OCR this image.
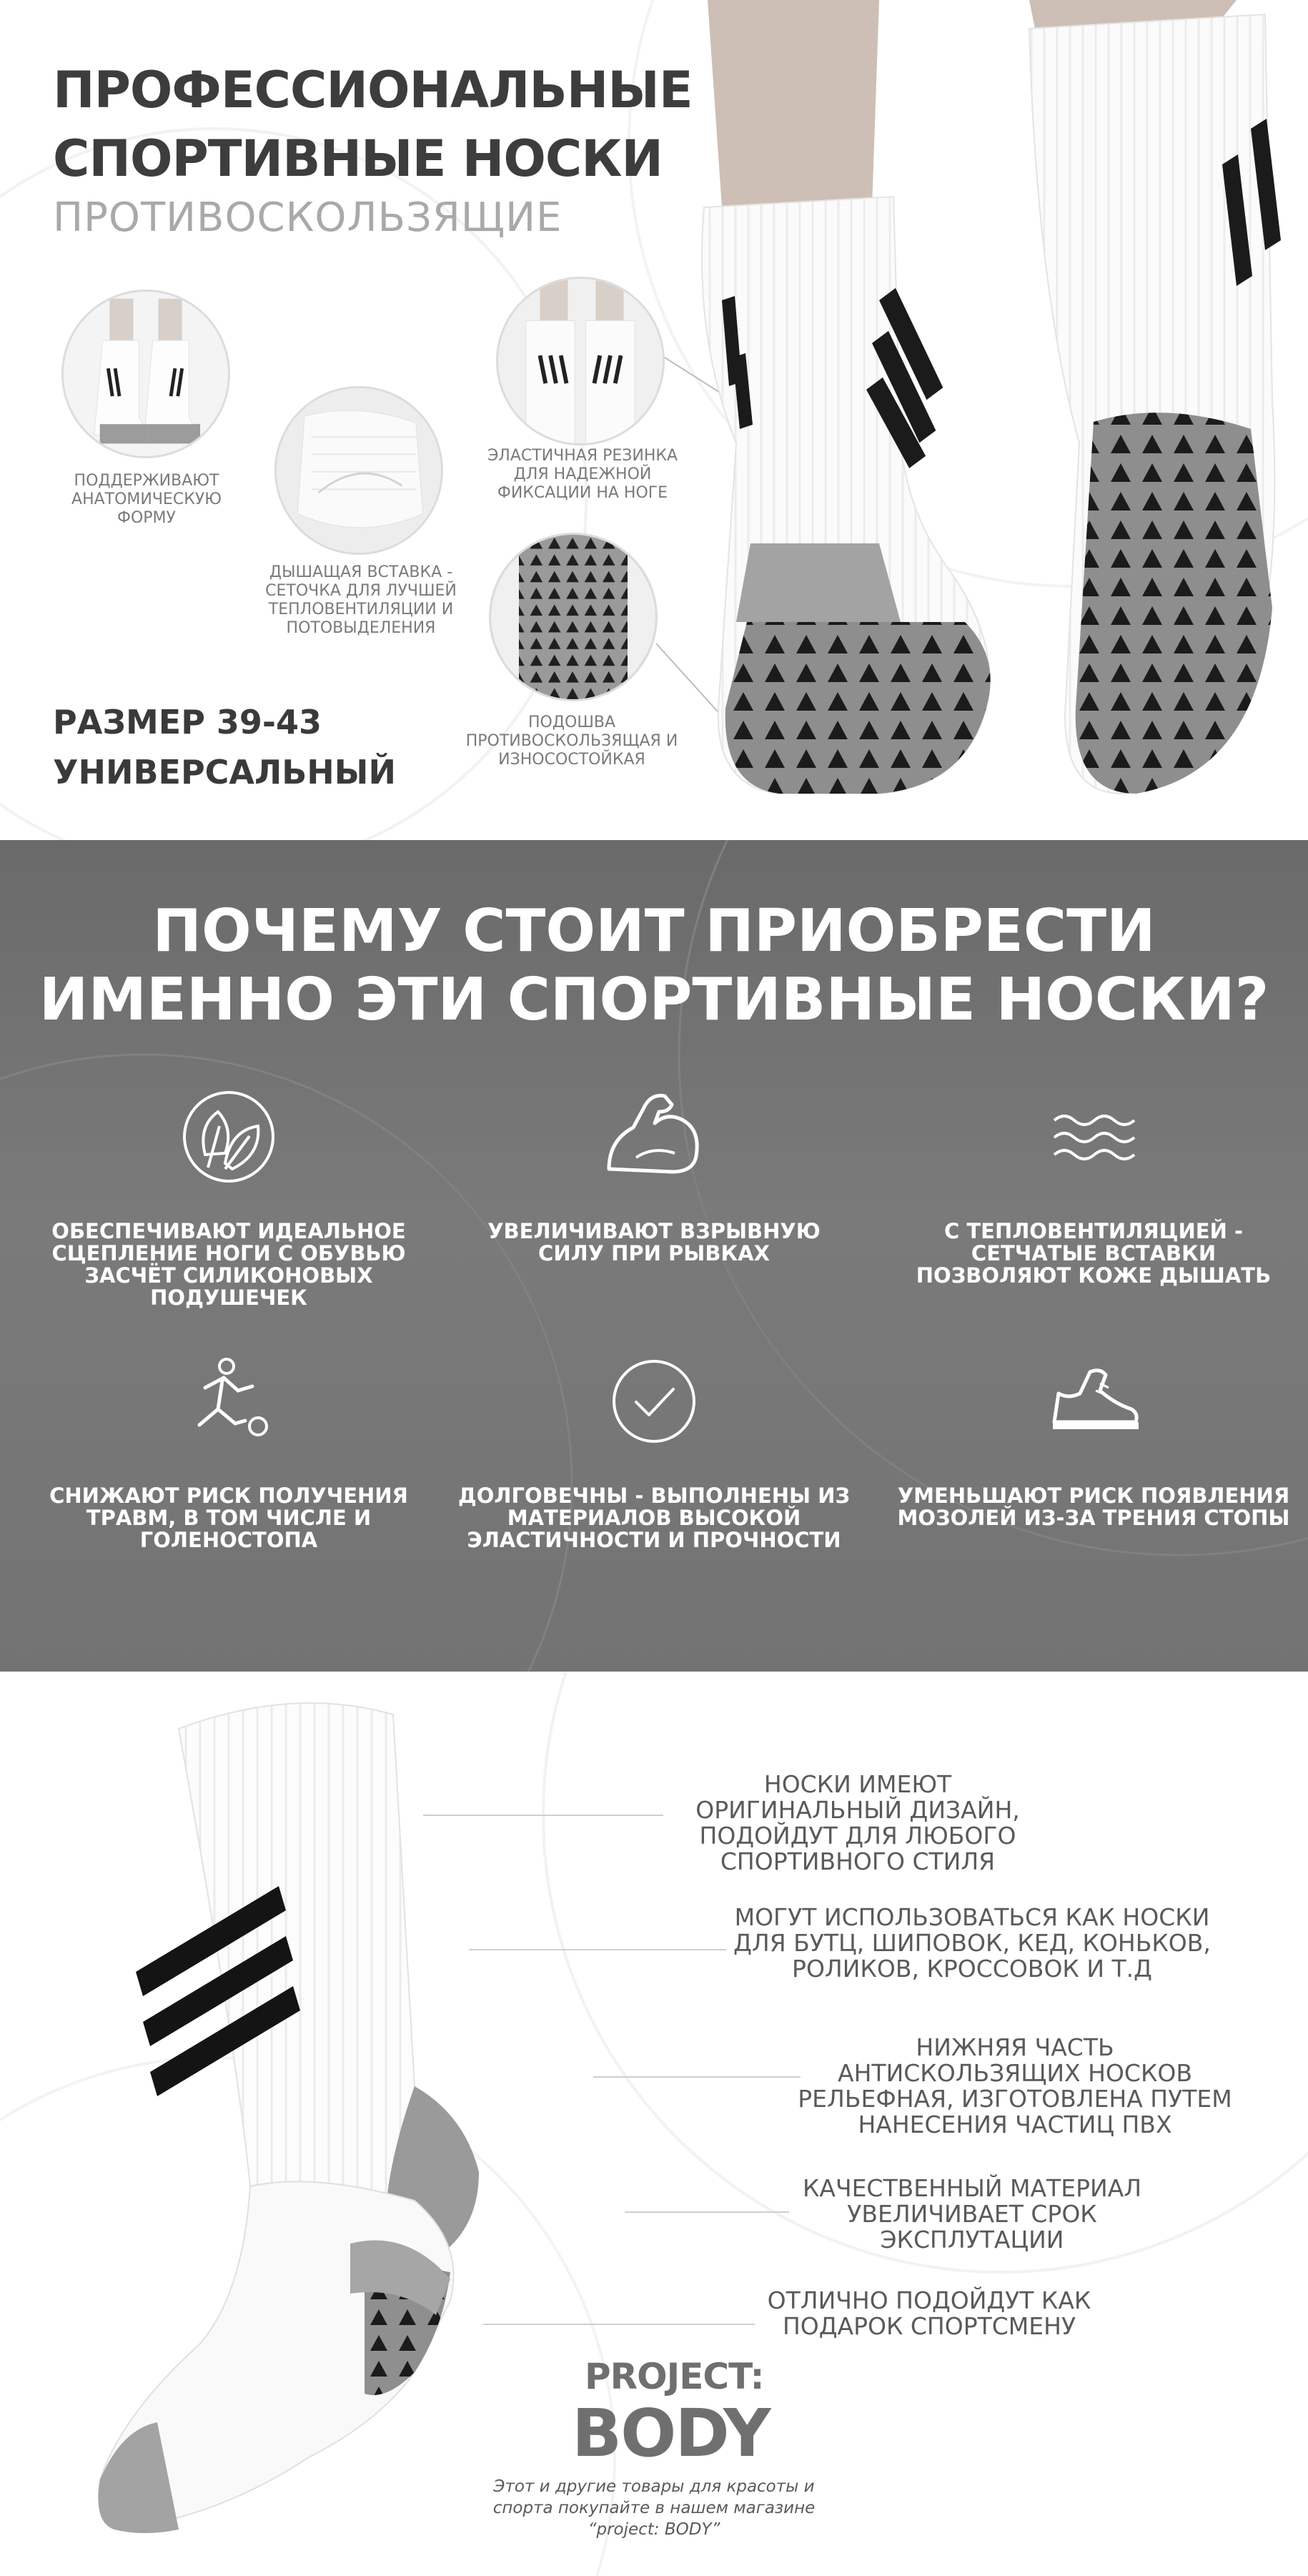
ПРОФЕССИОНАЛЬНЫЕ
СПОРТИВНЫЕ НОСКИ
ПРОТИВОСКОЛЬЗЯЩИЕ
ПОДДЕРЖИВАЮТ АНАТОМИЧЕСКУЮ ФОРМУ
ДЫШАЩАЯ ВСТАВКА - СЕТОЧКА ДЛЯ ЛУЧШЕЙ ТЕПЛОВЕНТИЛЯЦИИ И ПОТОВЫДЕЛЕНИЯ
ЭЛАСТИЧНАЯ РЕЗИНКА ДЛЯ НАДЕЖНОЙ ФИКСАЦИИ НА НОГЕ
ПОДОШВА ПРОТИВОСКОЛЬЗЯЩАЯ И ИЗНОСОСТОЙКАЯ
РАЗМЕР 39-43
УНИВЕРСАЛЬНЫЙ
ПОЧЕМУ СТОИТ ПРИОБРЕСТИ
ИМЕННО ЭТИ СПОРТИВНЫЕ НОСКИ?
ОБЕСПЕЧИВАЮТ ИДЕАЛЬНОЕ СЦЕПЛЕНИЕ НОГИ С ОБУВЬЮ ЗАСЧЁТ СИЛИКОНОВЫХ ПОДУШЕЧЕК
УВЕЛИЧИВАЮТ ВЗРЫВНУЮ СИЛУ ПРИ РЫВКАХ
С ТЕПЛОВЕНТИЛЯЦИЕЙ - СЕТЧАТЫЕ ВСТАВКИ ПОЗВОЛЯЮТ КОЖЕ ДЫШАТЬ
СНИЖАЮТ РИСК ПОЛУЧЕНИЯ ТРАВМ, В ТОМ ЧИСЛЕ И ГОЛЕНОСТОПА
ДОЛГОВЕЧНЫ - ВЫПОЛНЕНЫ ИЗ МАТЕРИАЛОВ ВЫСОКОЙ ЭЛАСТИЧНОСТИ И ПРОЧНОСТИ
УМЕНЬШАЮТ РИСК ПОЯВЛЕНИЯ МОЗОЛЕЙ ИЗ-ЗА ТРЕНИЯ СТОПЫ
НОСКИ ИМЕЮТ ОРИГИНАЛЬНЫЙ ДИЗАЙН, ПОДОЙДУТ ДЛЯ ЛЮБОГО СПОРТИВНОГО СТИЛЯ
МОГУТ ИСПОЛЬЗОВАТЬСЯ КАК НОСКИ ДЛЯ БУТЦ, ШИПОВОК, КЕД, КОНЬКОВ, РОЛИКОВ, КРОССОВОК И Т.Д
НИЖНЯЯ ЧАСТЬ АНТИСКОЛЬЗЯЩИХ НОСКОВ РЕЛЬЕФНАЯ, ИЗГОТОВЛЕНА ПУТЕМ НАНЕСЕНИЯ ЧАСТИЦ ПВХ
КАЧЕСТВЕННЫЙ МАТЕРИАЛ УВЕЛИЧИВАЕТ СРОК ЭКСПЛУТАЦИИ
ОТЛИЧНО ПОДОЙДУТ КАК ПОДАРОК СПОРТСМЕНУ
PROJECT:
BODY
Этот и другие товары для красоты и
спорта покупайте в нашем магазине
“project: BODY”
